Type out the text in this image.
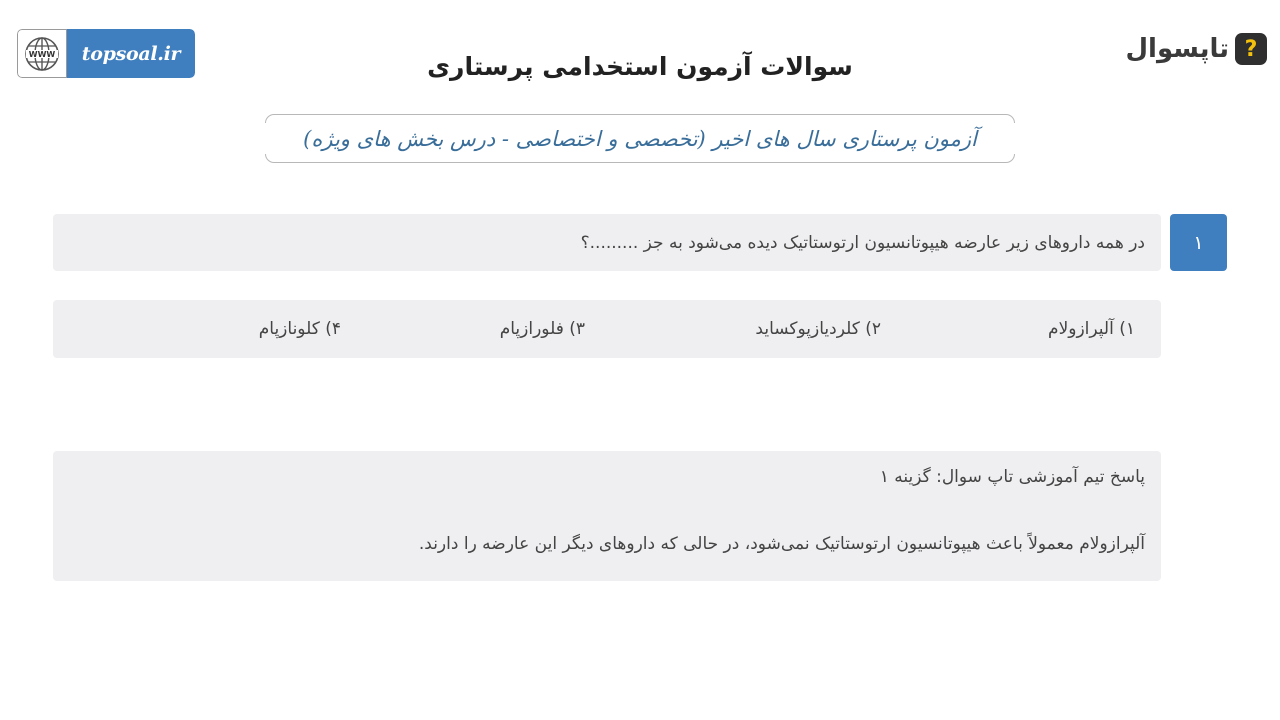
WWW	topsoal.ir	تاپسوال ?
سوالات آزمون استخدامی پرستاری
آزمون پرستاری سال های اخیر (تخصصی و اختصاصی - درس بخش های ویژه)
۱
در همه داروهای زیر عارضه هیپوتانسیون ارتوستاتیک دیده می‌شود به جز .........؟
۱) آلپرازولام
۲) کلردیازپوکساید
۳) فلورازپام
۴) کلونازپام
پاسخ تیم آموزشی تاپ سوال: گزینه ۱
آلپرازولام معمولاً باعث هیپوتانسیون ارتوستاتیک نمی‌شود، در حالی که داروهای دیگر این عارضه را دارند.
